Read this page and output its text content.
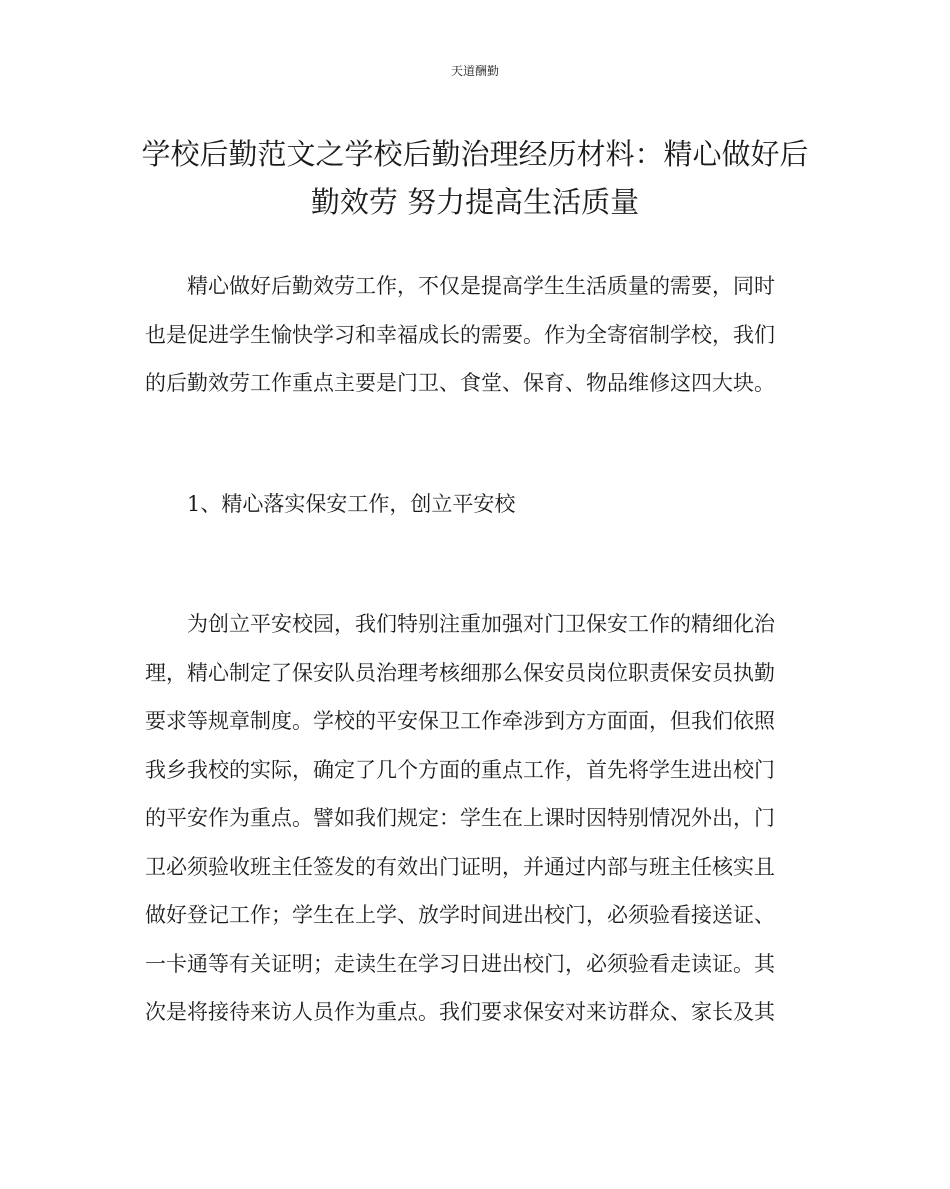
天道酬勤
学校后勤范文之学校后勤治理经历材料：精心做好后
勤效劳 努力提高生活质量
精心做好后勤效劳工作，不仅是提高学生生活质量的需要，同时
也是促进学生愉快学习和幸福成长的需要。作为全寄宿制学校，我们
的后勤效劳工作重点主要是门卫、食堂、保育、物品维修这四大块。
1、精心落实保安工作，创立平安校
为创立平安校园，我们特别注重加强对门卫保安工作的精细化治
理，精心制定了保安队员治理考核细那么保安员岗位职责保安员执勤
要求等规章制度。学校的平安保卫工作牵涉到方方面面，但我们依照
我乡我校的实际，确定了几个方面的重点工作，首先将学生进出校门
的平安作为重点。譬如我们规定：学生在上课时因特别情况外出，门
卫必须验收班主任签发的有效出门证明，并通过内部与班主任核实且
做好登记工作；学生在上学、放学时间进出校门，必须验看接送证、
一卡通等有关证明；走读生在学习日进出校门，必须验看走读证。其
次是将接待来访人员作为重点。我们要求保安对来访群众、家长及其
